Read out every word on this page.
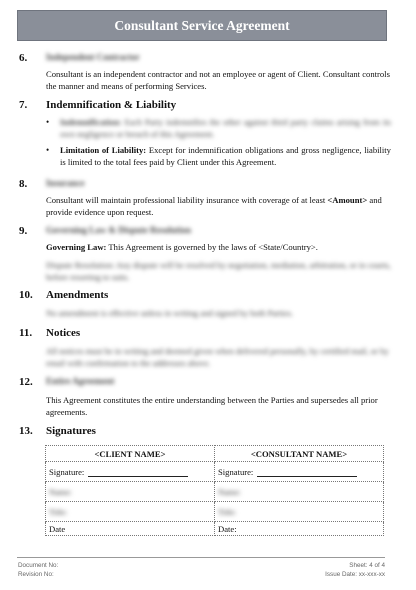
Consultant Service Agreement
6. Independent Contractor
Consultant is an independent contractor and not an employee or agent of Client. Consultant controls the manner and means of performing Services.
7. Indemnification & Liability
•	Indemnification: Each Party indemnifies the other against third party claims arising from its own negligence or breach of this Agreement.
•	Limitation of Liability: Except for indemnification obligations and gross negligence, liability is limited to the total fees paid by Client under this Agreement.
8. Insurance
Consultant will maintain professional liability insurance with coverage of at least <Amount> and provide evidence upon request.
9. Governing Law & Dispute Resolution
Governing Law: This Agreement is governed by the laws of <State/Country>.
Dispute Resolution: Any dispute will be resolved by negotiation, mediation, arbitration, or in courts, before resorting to suits.
10. Amendments
No amendment is effective unless in writing and signed by both Parties.
11. Notices
All notices must be in writing and deemed given when delivered personally, by certified mail, or by email with confirmation to the addresses above.
12. Entire Agreement
This Agreement constitutes the entire understanding between the Parties and supersedes all prior agreements.
13. Signatures
<CLIENT NAME>	<CONSULTANT NAME>
Signature:	Signature:
Name:	Name:
Title:	Title:
Date	Date:
Document No:
Revision No:
Sheet: 4 of 4
Issue Date: xx-xxx-xx
